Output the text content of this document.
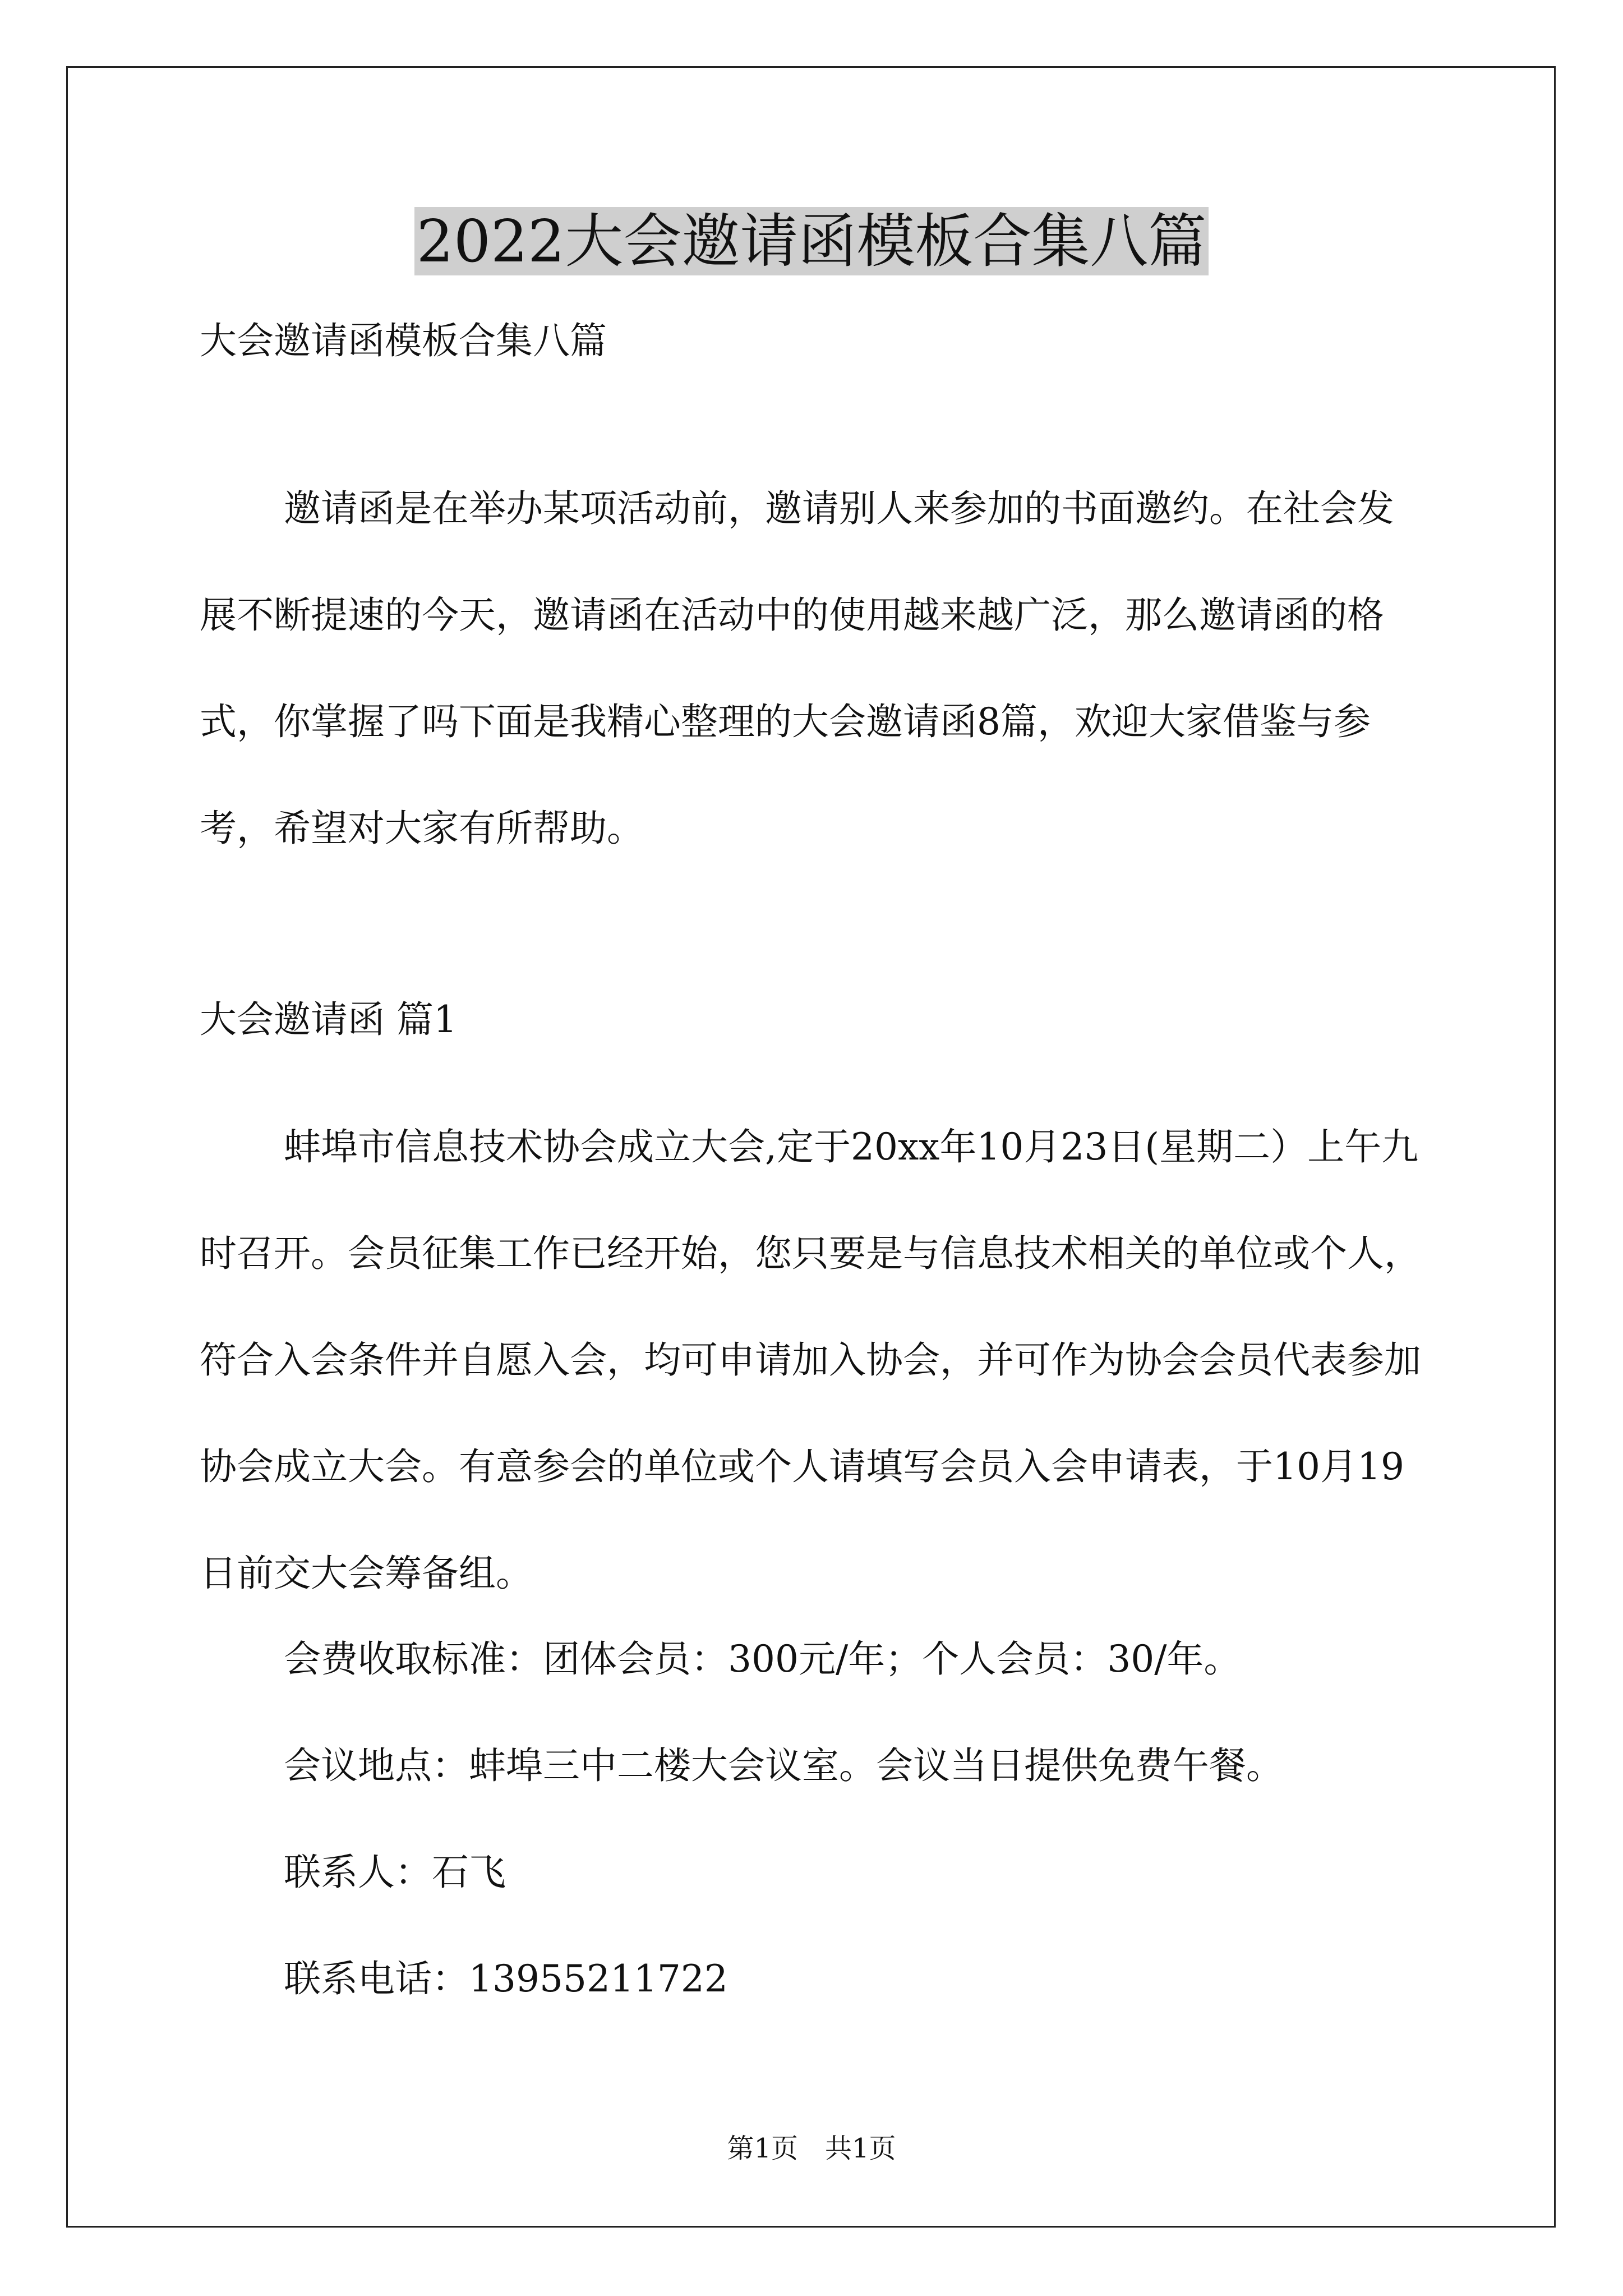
2022大会邀请函模板合集八篇
大会邀请函模板合集八篇
邀请函是在举办某项活动前，邀请别人来参加的书面邀约。在社会发展不断提速的今天，邀请函在活动中的使用越来越广泛，那么邀请函的格式，你掌握了吗下面是我精心整理的大会邀请函8篇，欢迎大家借鉴与参考，希望对大家有所帮助。
大会邀请函 篇1
蚌埠市信息技术协会成立大会,定于20xx年10月23日(星期二）上午九时召开。会员征集工作已经开始，您只要是与信息技术相关的单位或个人，符合入会条件并自愿入会，均可申请加入协会，并可作为协会会员代表参加协会成立大会。有意参会的单位或个人请填写会员入会申请表，于10月19日前交大会筹备组。
会费收取标准：团体会员：300元/年；个人会员：30/年。
会议地点：蚌埠三中二楼大会议室。会议当日提供免费午餐。
联系人：石飞
联系电话：13955211722
第1页　共1页
